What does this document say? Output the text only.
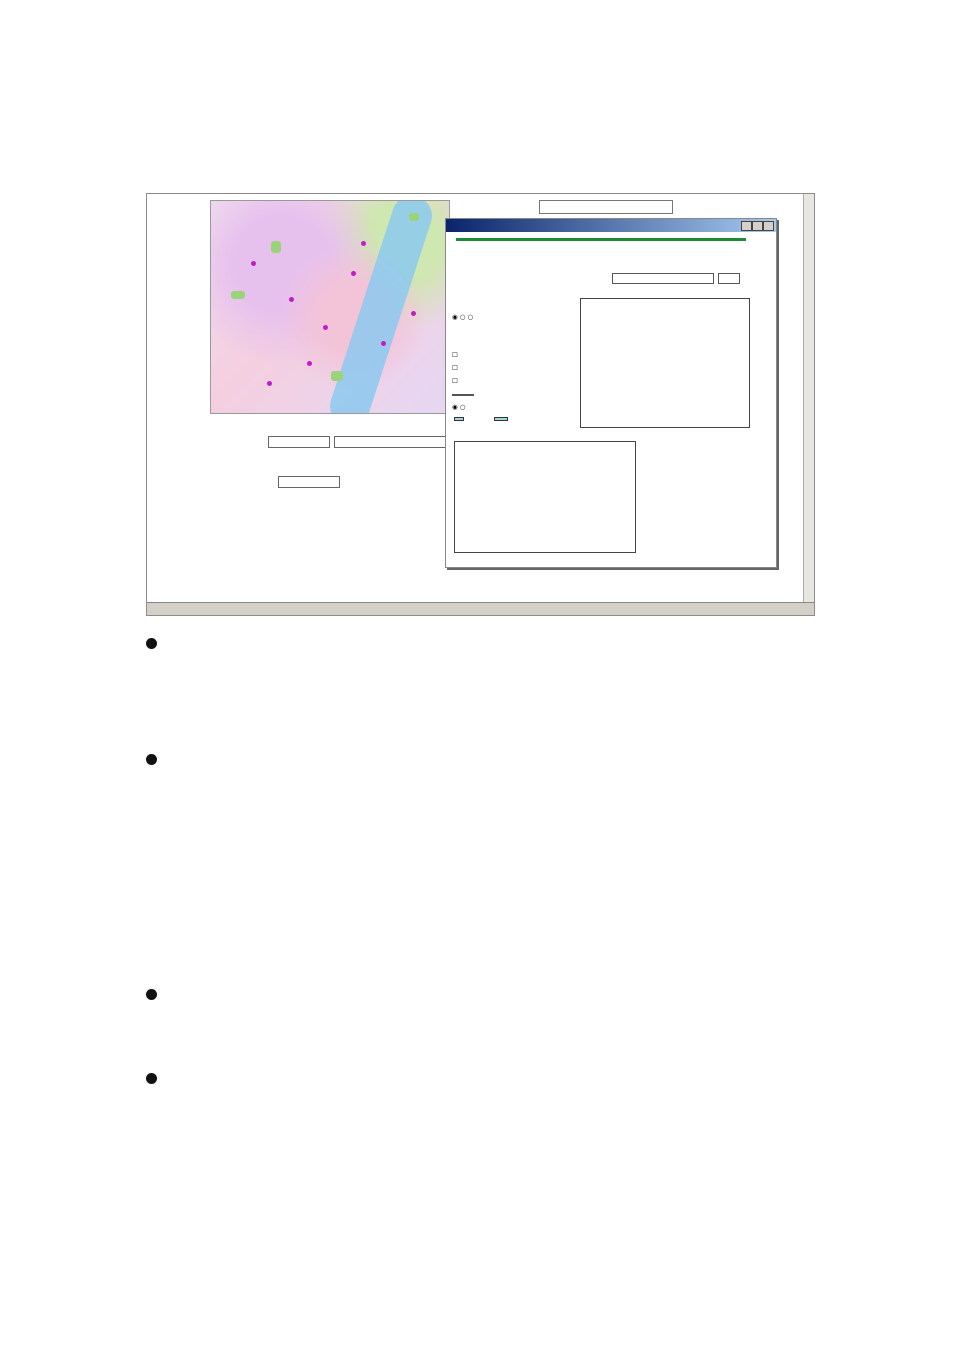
◉ ○ ○
☐
☐
☐
◉ ○
